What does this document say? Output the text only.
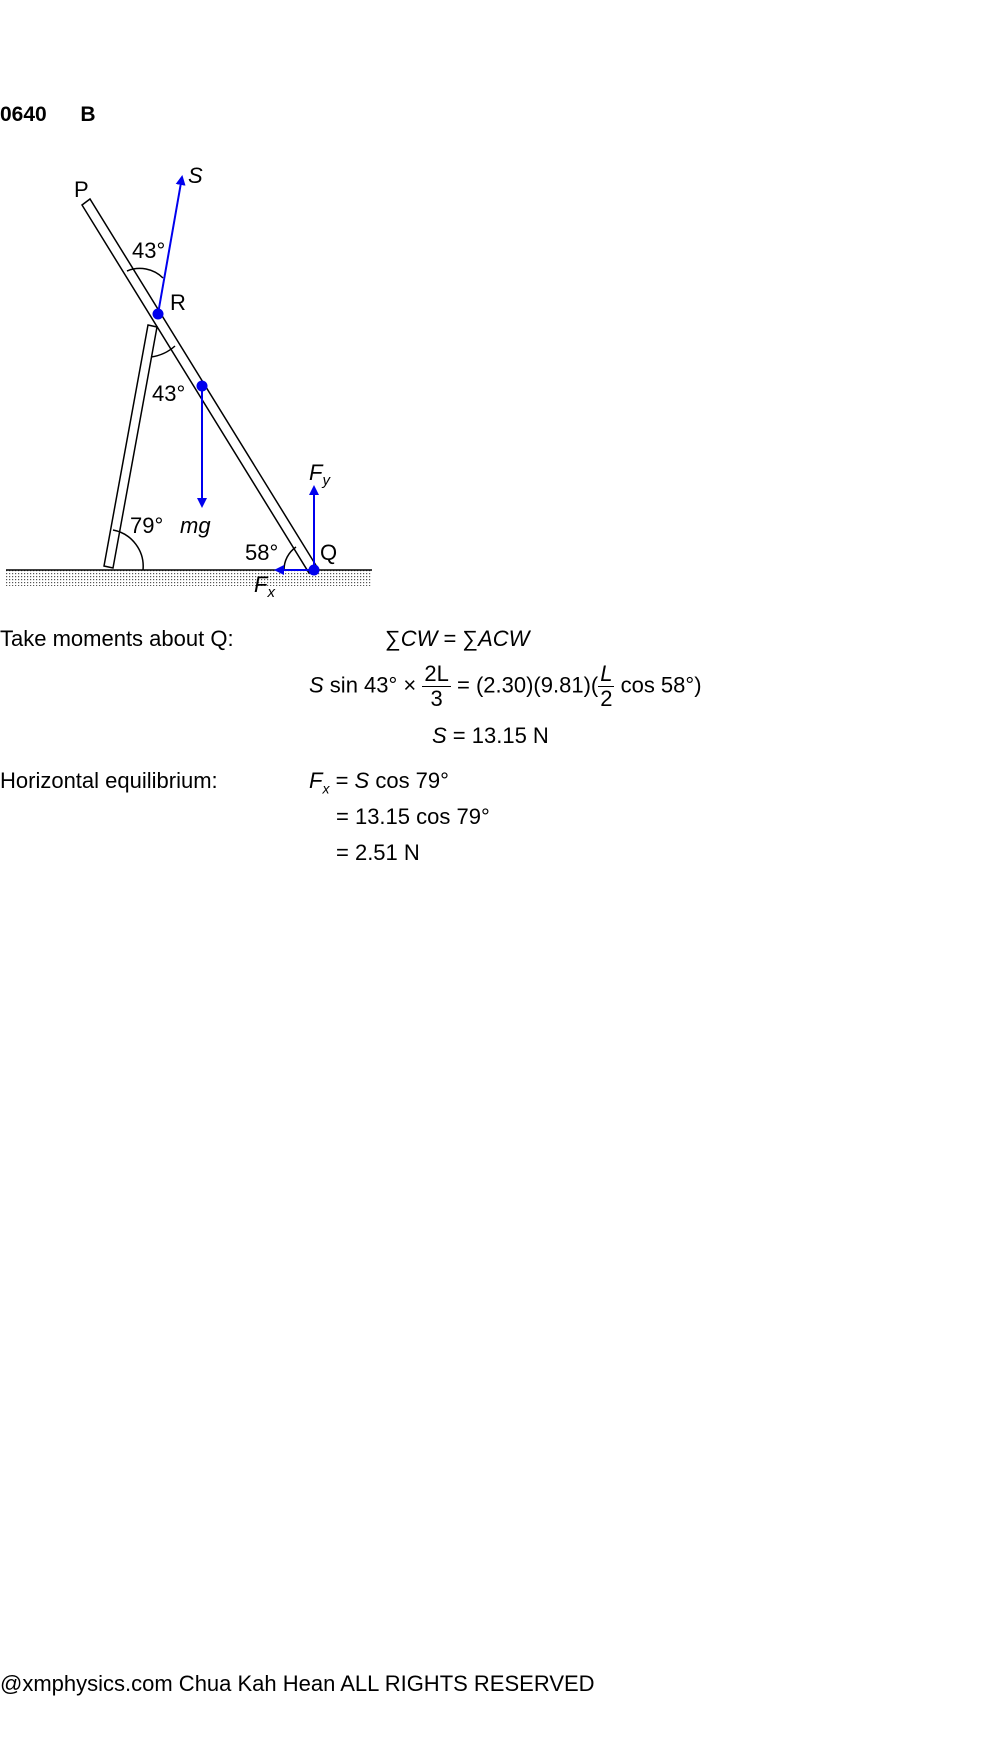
0640 B
P
S
43°
R
43°
79° mg
58° Q
$F_y$
$F_x$
Take moments about Q:	∑CW = ∑ACW
S $\sin 43^\circ \times \frac{2L}{3} = (2.30)(9.81)( \frac{L}{2}$ cos 58°)
S = 13.15 N
Horizontal equilibrium:	$F_x = S$ cos 79°
= 13.15 cos 79°
= 2.51 N
@xmphysics.com Chua Kah Hean ALL RIGHTS RESERVED
